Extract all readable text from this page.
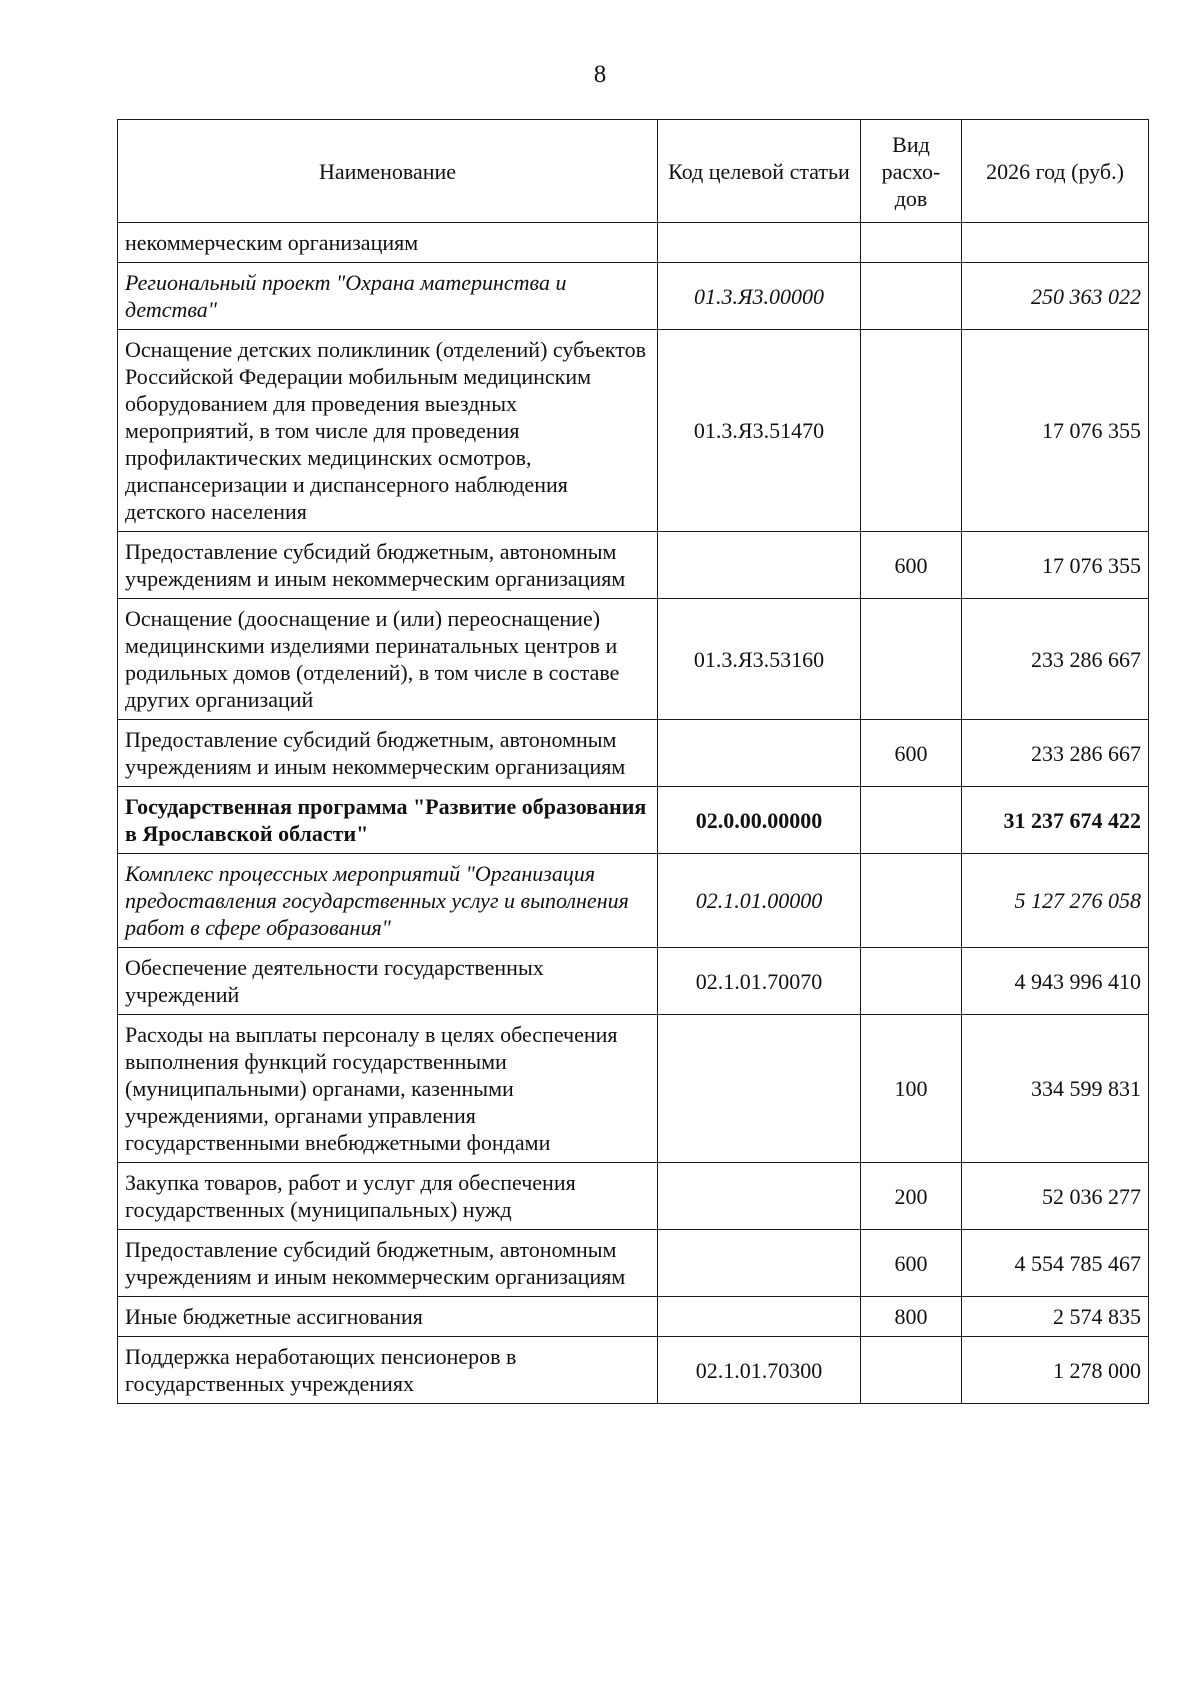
8
Наименование	Код целевой статьи	Вид расхо-дов	2026 год (руб.)
некоммерческим организациям			
Региональный проект "Охрана материнства и детства"	01.3.Я3.00000		250 363 022
Оснащение детских поликлиник (отделений) субъектов Российской Федерации мобильным медицинским оборудованием для проведения выездных мероприятий, в том числе для проведения профилактических медицинских осмотров, диспансеризации и диспансерного наблюдения детского населения	01.3.Я3.51470		17 076 355
Предоставление субсидий бюджетным, автономным учреждениям и иным некоммерческим организациям		600	17 076 355
Оснащение (дооснащение и (или) переоснащение) медицинскими изделиями перинатальных центров и родильных домов (отделений), в том числе в составе других организаций	01.3.Я3.53160		233 286 667
Предоставление субсидий бюджетным, автономным учреждениям и иным некоммерческим организациям		600	233 286 667
Государственная программа "Развитие образования в Ярославской области"	02.0.00.00000		31 237 674 422
Комплекс процессных мероприятий "Организация предоставления государственных услуг и выполнения работ в сфере образования"	02.1.01.00000		5 127 276 058
Обеспечение деятельности государственных учреждений	02.1.01.70070		4 943 996 410
Расходы на выплаты персоналу в целях обеспечения выполнения функций государственными (муниципальными) органами, казенными учреждениями, органами управления государственными внебюджетными фондами		100	334 599 831
Закупка товаров, работ и услуг для обеспечения государственных (муниципальных) нужд		200	52 036 277
Предоставление субсидий бюджетным, автономным учреждениям и иным некоммерческим организациям		600	4 554 785 467
Иные бюджетные ассигнования		800	2 574 835
Поддержка неработающих пенсионеров в государственных учреждениях	02.1.01.70300		1 278 000
